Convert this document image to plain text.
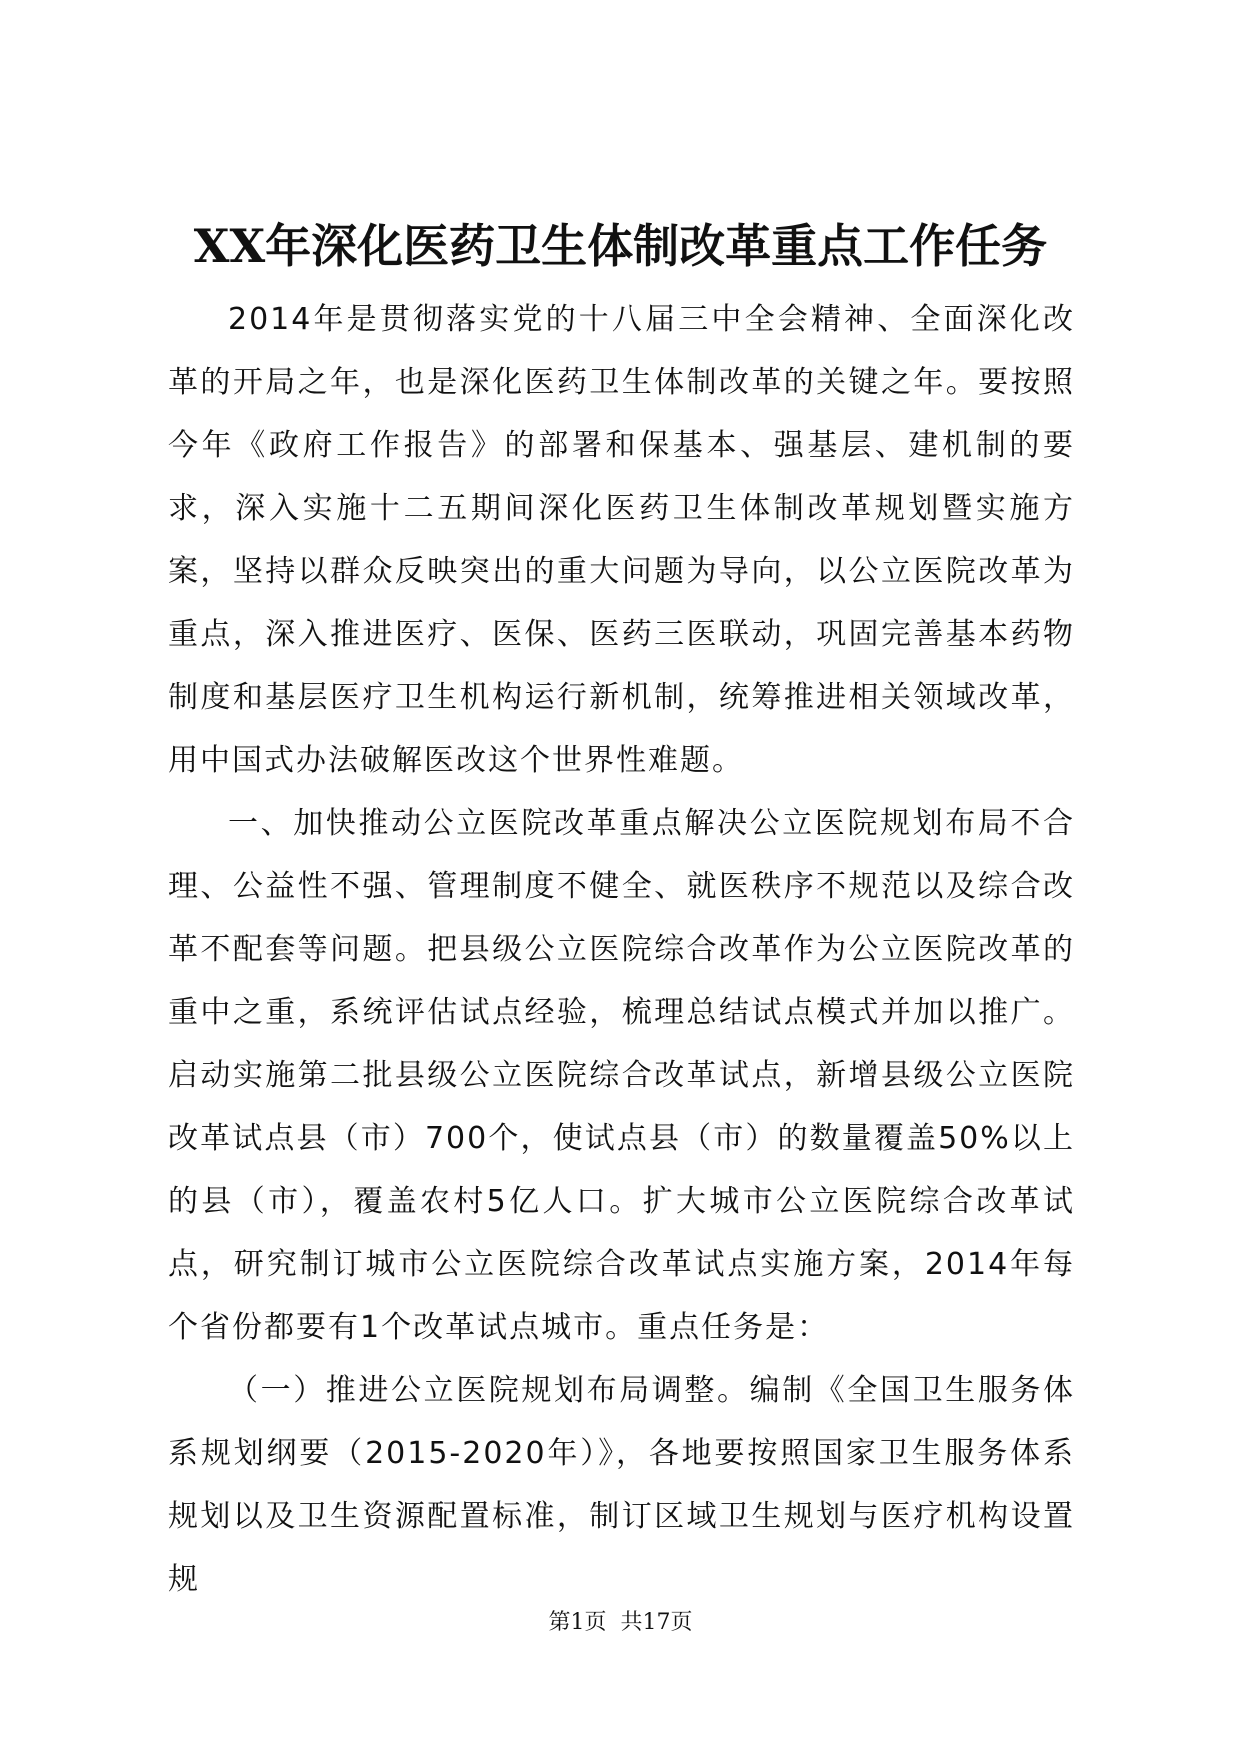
XX年深化医药卫生体制改革重点工作任务

2014年是贯彻落实党的十八届三中全会精神、全面深化改革的开局之年，也是深化医药卫生体制改革的关键之年。要按照今年《政府工作报告》的部署和保基本、强基层、建机制的要求，深入实施十二五期间深化医药卫生体制改革规划暨实施方案，坚持以群众反映突出的重大问题为导向，以公立医院改革为重点，深入推进医疗、医保、医药三医联动，巩固完善基本药物制度和基层医疗卫生机构运行新机制，统筹推进相关领域改革，用中国式办法破解医改这个世界性难题。

一、加快推动公立医院改革重点解决公立医院规划布局不合理、公益性不强、管理制度不健全、就医秩序不规范以及综合改革不配套等问题。把县级公立医院综合改革作为公立医院改革的重中之重，系统评估试点经验，梳理总结试点模式并加以推广。启动实施第二批县级公立医院综合改革试点，新增县级公立医院改革试点县（市）700个，使试点县（市）的数量覆盖50%以上的县（市），覆盖农村5亿人口。扩大城市公立医院综合改革试点，研究制订城市公立医院综合改革试点实施方案，2014年每个省份都要有1个改革试点城市。重点任务是：

（一）推进公立医院规划布局调整。编制《全国卫生服务体系规划纲要（2015-2020年）》，各地要按照国家卫生服务体系规划以及卫生资源配置标准，制订区域卫生规划与医疗机构设置规

第1页 共17页
